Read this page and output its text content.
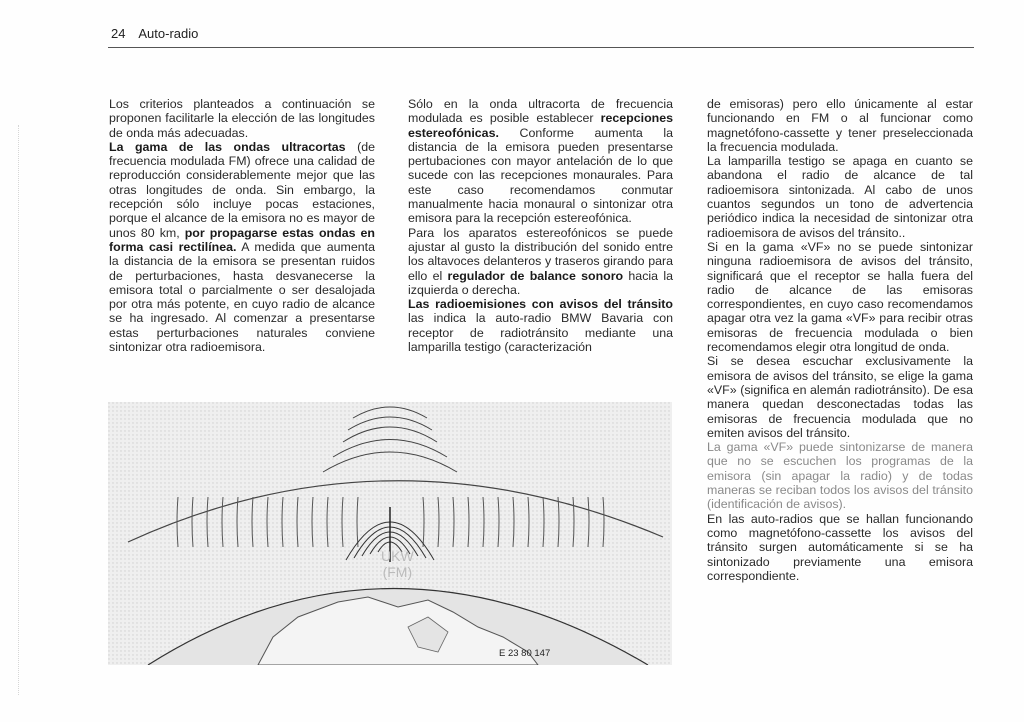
24 Auto-radio

Los criterios planteados a continuación se proponen facilitarle la elección de las longitudes de onda más adecuadas.

La gama de las ondas ultracortas (de frecuencia modulada FM) ofrece una calidad de reproducción considerablemente mejor que las otras longitudes de onda. Sin embargo, la recepción sólo incluye pocas estaciones, porque el alcance de la emisora no es mayor de unos 80 km, por propagarse estas ondas en forma casi rectilínea. A medida que aumenta la distancia de la emisora se presentan ruidos de perturbaciones, hasta desvanecerse la emisora total o parcialmente o ser desalojada por otra más potente, en cuyo radio de alcance se ha ingresado. Al comenzar a presentarse estas perturbaciones naturales conviene sintonizar otra radioemisora.

Sólo en la onda ultracorta de frecuencia modulada es posible establecer recepciones estereofónicas. Conforme aumenta la distancia de la emisora pueden presentarse pertubaciones con mayor antelación de lo que sucede con las recepciones monaurales. Para este caso recomendamos conmutar manualmente hacia monaural o sintonizar otra emisora para la recepción estereofónica.

Para los aparatos estereofónicos se puede ajustar al gusto la distribución del sonido entre los altavoces delanteros y traseros girando para ello el regulador de balance sonoro hacia la izquierda o derecha.

Las radioemisiones con avisos del tránsito las indica la auto-radio BMW Bavaria con receptor de radiotránsito mediante una lamparilla testigo (caracterización

de emisoras) pero ello únicamente al estar funcionando en FM o al funcionar como magnetófono-cassette y tener preseleccionada la frecuencia modulada.

La lamparilla testigo se apaga en cuanto se abandona el radio de alcance de tal radioemisora sintonizada. Al cabo de unos cuantos segundos un tono de advertencia periódico indica la necesidad de sintonizar otra radioemisora de avisos del tránsito..

Si en la gama «VF» no se puede sintonizar ninguna radioemisora de avisos del tránsito, significará que el receptor se halla fuera del radio de alcance de las emisoras correspondientes, en cuyo caso recomendamos apagar otra vez la gama «VF» para recibir otras emisoras de frecuencia modulada o bien recomendamos elegir otra longitud de onda.

Si se desea escuchar exclusivamente la emisora de avisos del tránsito, se elige la gama «VF» (significa en alemán radiotránsito). De esa manera quedan desconectadas todas las emisoras de frecuencia modulada que no emiten avisos del tránsito.

La gama «VF» puede sintonizarse de manera que no se escuchen los programas de la emisora (sin apagar la radio) y de todas maneras se reciban todos los avisos del tránsito (identificación de avisos).

En las auto-radios que se hallan funcionando como magnetófono-cassette los avisos del tránsito surgen automáticamente si se ha sintonizado previamente una emisora correspondiente.

UKW
(FM)
E 23 80 147
